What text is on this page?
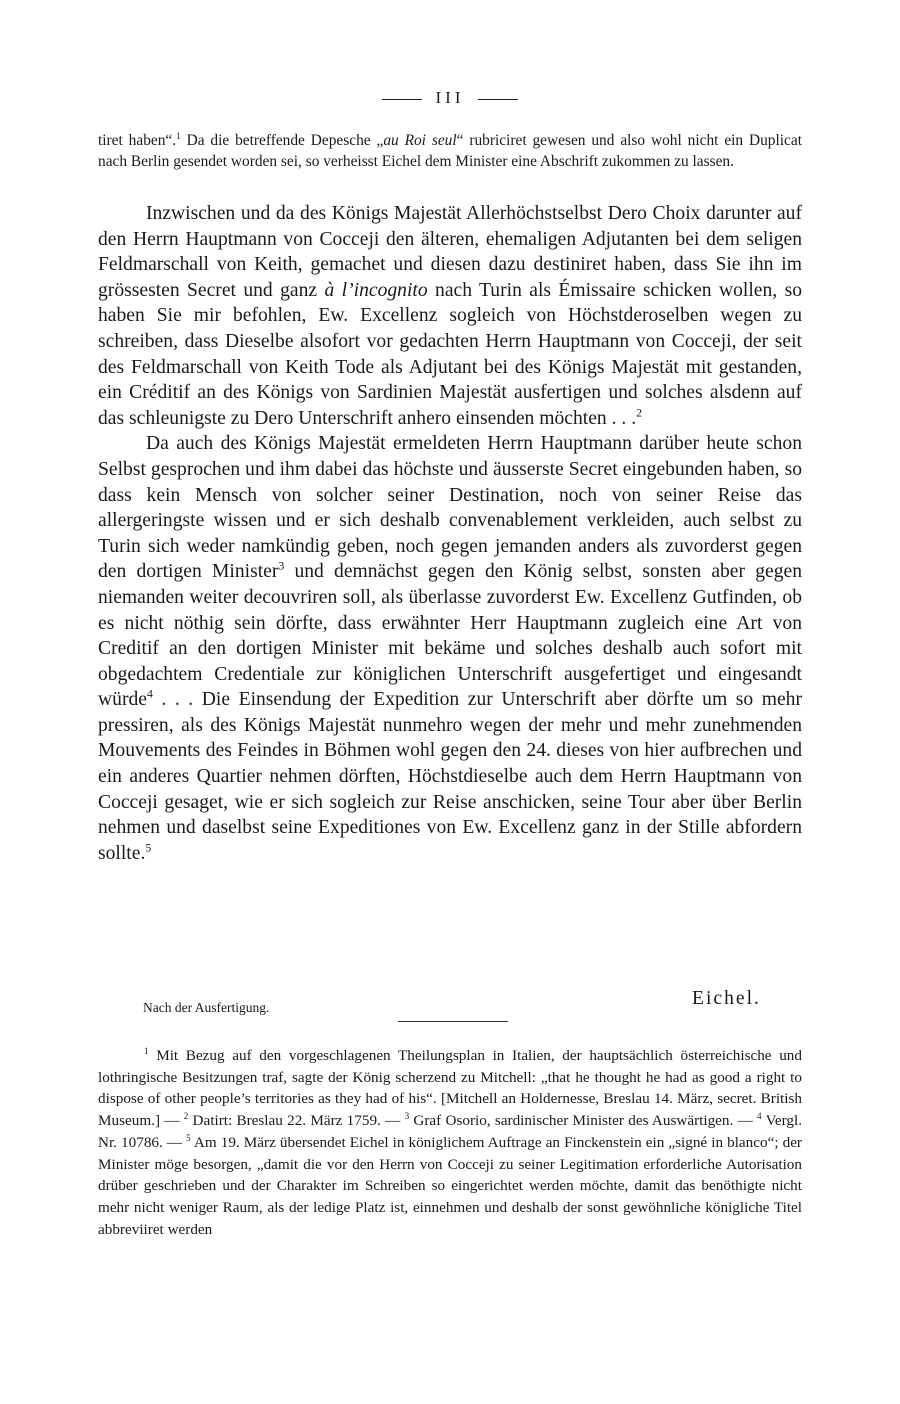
III
tiret haben“.$^1$ Da die betreffende Depesche „au Roi seul“ rubriciret gewesen und also wohl nicht ein Duplicat nach Berlin gesendet worden sei, so verheisst Eichel dem Minister eine Abschrift zukommen zu lassen.

Inzwischen und da des Königs Majestät Allerhöchstselbst Dero Choix darunter auf den Herrn Hauptmann von Cocceji den älteren, ehemaligen Adjutanten bei dem seligen Feldmarschall von Keith, gemachet und diesen dazu destiniret haben, dass Sie ihn im grössesten Secret und ganz à l’incognito nach Turin als Émissaire schicken wollen, so haben Sie mir befohlen, Ew. Excellenz sogleich von Höchstderoselben wegen zu schreiben, dass Dieselbe alsofort vor gedachten Herrn Hauptmann von Cocceji, der seit des Feldmarschall von Keith Tode als Adjutant bei des Königs Majestät mit gestanden, ein Créditif an des Königs von Sardinien Majestät ausfertigen und solches alsdenn auf das schleunigste zu Dero Unterschrift anhero einsenden möchten . . .$^2$

Da auch des Königs Majestät ermeldeten Herrn Hauptmann darüber heute schon Selbst gesprochen und ihm dabei das höchste und äusserste Secret eingebunden haben, so dass kein Mensch von solcher seiner Destination, noch von seiner Reise das allergeringste wissen und er sich deshalb convenablement verkleiden, auch selbst zu Turin sich weder namkündig geben, noch gegen jemanden anders als zuvorderst gegen den dortigen Minister$^3$ und demnächst gegen den König selbst, sonsten aber gegen niemanden weiter decouvriren soll, als überlasse zuvorderst Ew. Excellenz Gutfinden, ob es nicht nöthig sein dörfte, dass erwähnter Herr Hauptmann zugleich eine Art von Creditif an den dortigen Minister mit bekäme und solches deshalb auch sofort mit obgedachtem Credentiale zur königlichen Unterschrift ausgefertiget und eingesandt würde$^4$ . . . Die Einsendung der Expedition zur Unterschrift aber dörfte um so mehr pressiren, als des Königs Majestät nunmehro wegen der mehr und mehr zunehmenden Mouvements des Feindes in Böhmen wohl gegen den 24. dieses von hier aufbrechen und ein anderes Quartier nehmen dörften, Höchstdieselbe auch dem Herrn Hauptmann von Cocceji gesaget, wie er sich sogleich zur Reise anschicken, seine Tour aber über Berlin nehmen und daselbst seine Expeditiones von Ew. Excellenz ganz in der Stille abfordern sollte.$^5$

Nach der Ausfertigung.	Eichel.

$^1$ Mit Bezug auf den vorgeschlagenen Theilungsplan in Italien, der hauptsächlich österreichische und lothringische Besitzungen traf, sagte der König scherzend zu Mitchell: „that he thought he had as good a right to dispose of other people’s territories as they had of his“. [Mitchell an Holdernesse, Breslau 14. März, secret. British Museum.] — $^2$ Datirt: Breslau 22. März 1759. — $^3$ Graf Osorio, sardinischer Minister des Auswärtigen. — $^4$ Vergl. Nr. 10786. — $^5$ Am 19. März übersendet Eichel in königlichem Auftrage an Finckenstein ein „signé in blanco“; der Minister möge besorgen, „damit die vor den Herrn von Cocceji zu seiner Legitimation erforderliche Autorisation drüber geschrieben und der Charakter im Schreiben so eingerichtet werden möchte, damit das benöthigte nicht mehr nicht weniger Raum, als der ledige Platz ist, einnehmen und deshalb der sonst gewöhnliche königliche Titel abbreviiret werden
